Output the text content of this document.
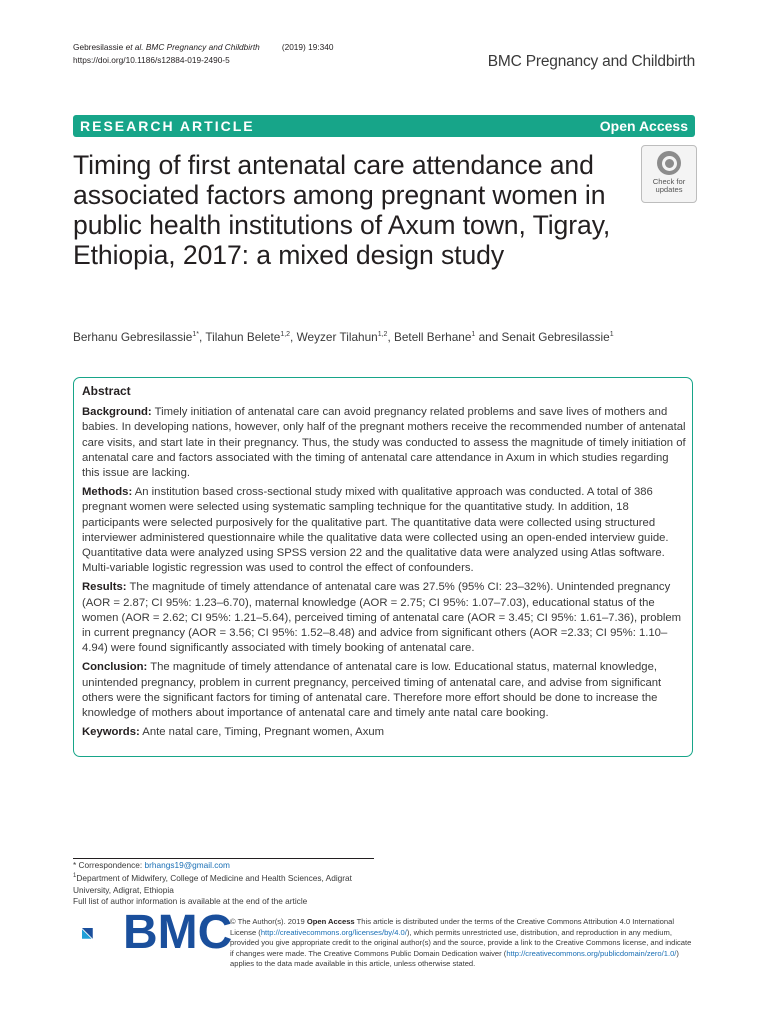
Gebresilassie et al. BMC Pregnancy and Childbirth	(2019) 19:340
https://doi.org/10.1186/s12884-019-2490-5	BMC Pregnancy and Childbirth
RESEARCH ARTICLE	Open Access
Timing of first antenatal care attendance and associated factors among pregnant women in public health institutions of Axum town, Tigray, Ethiopia, 2017: a mixed design study
Check for
updates
Berhanu Gebresilassie$^{1*}$, Tilahun Belete$^{1,2}$, Weyzer Tilahun$^{1,2}$, Betell Berhane$^1$ and Senait Gebresilassie$^1$
Abstract

Background: Timely initiation of antenatal care can avoid pregnancy related problems and save lives of mothers and babies. In developing nations, however, only half of the pregnant mothers receive the recommended number of antenatal care visits, and start late in their pregnancy. Thus, the study was conducted to assess the magnitude of timely initiation of antenatal care and factors associated with the timing of antenatal care attendance in Axum in which studies regarding this issue are lacking.

Methods: An institution based cross-sectional study mixed with qualitative approach was conducted. A total of 386 pregnant women were selected using systematic sampling technique for the quantitative study. In addition, 18 participants were selected purposively for the qualitative part. The quantitative data were collected using structured interviewer administered questionnaire while the qualitative data were collected using an open-ended interview guide. Quantitative data were analyzed using SPSS version 22 and the qualitative data were analyzed using Atlas software. Multi-variable logistic regression was used to control the effect of confounders.

Results: The magnitude of timely attendance of antenatal care was 27.5% (95% CI: 23–32%). Unintended pregnancy (AOR = 2.87; CI 95%: 1.23–6.70), maternal knowledge (AOR = 2.75; CI 95%: 1.07–7.03), educational status of the women (AOR = 2.62; CI 95%: 1.21–5.64), perceived timing of antenatal care (AOR = 3.45; CI 95%: 1.61–7.36), problem in current pregnancy (AOR = 3.56; CI 95%: 1.52–8.48) and advice from significant others (AOR =2.33; CI 95%: 1.10–4.94) were found significantly associated with timely booking of antenatal care.

Conclusion: The magnitude of timely attendance of antenatal care is low. Educational status, maternal knowledge, unintended pregnancy, problem in current pregnancy, perceived timing of antenatal care, and advise from significant others were the significant factors for timing of antenatal care. Therefore more effort should be done to increase the knowledge of mothers about importance of antenatal care and timely ante natal care booking.

Keywords: Ante natal care, Timing, Pregnant women, Axum

* Correspondence: brhangs19@gmail.com
$^1$Department of Midwifery, College of Medicine and Health Sciences, Adigrat University, Adigrat, Ethiopia
Full list of author information is available at the end of the article
BMC
© The Author(s). 2019 Open Access This article is distributed under the terms of the Creative Commons Attribution 4.0 International License (http://creativecommons.org/licenses/by/4.0/), which permits unrestricted use, distribution, and reproduction in any medium, provided you give appropriate credit to the original author(s) and the source, provide a link to the Creative Commons license, and indicate if changes were made. The Creative Commons Public Domain Dedication waiver (http://creativecommons.org/publicdomain/zero/1.0/) applies to the data made available in this article, unless otherwise stated.
